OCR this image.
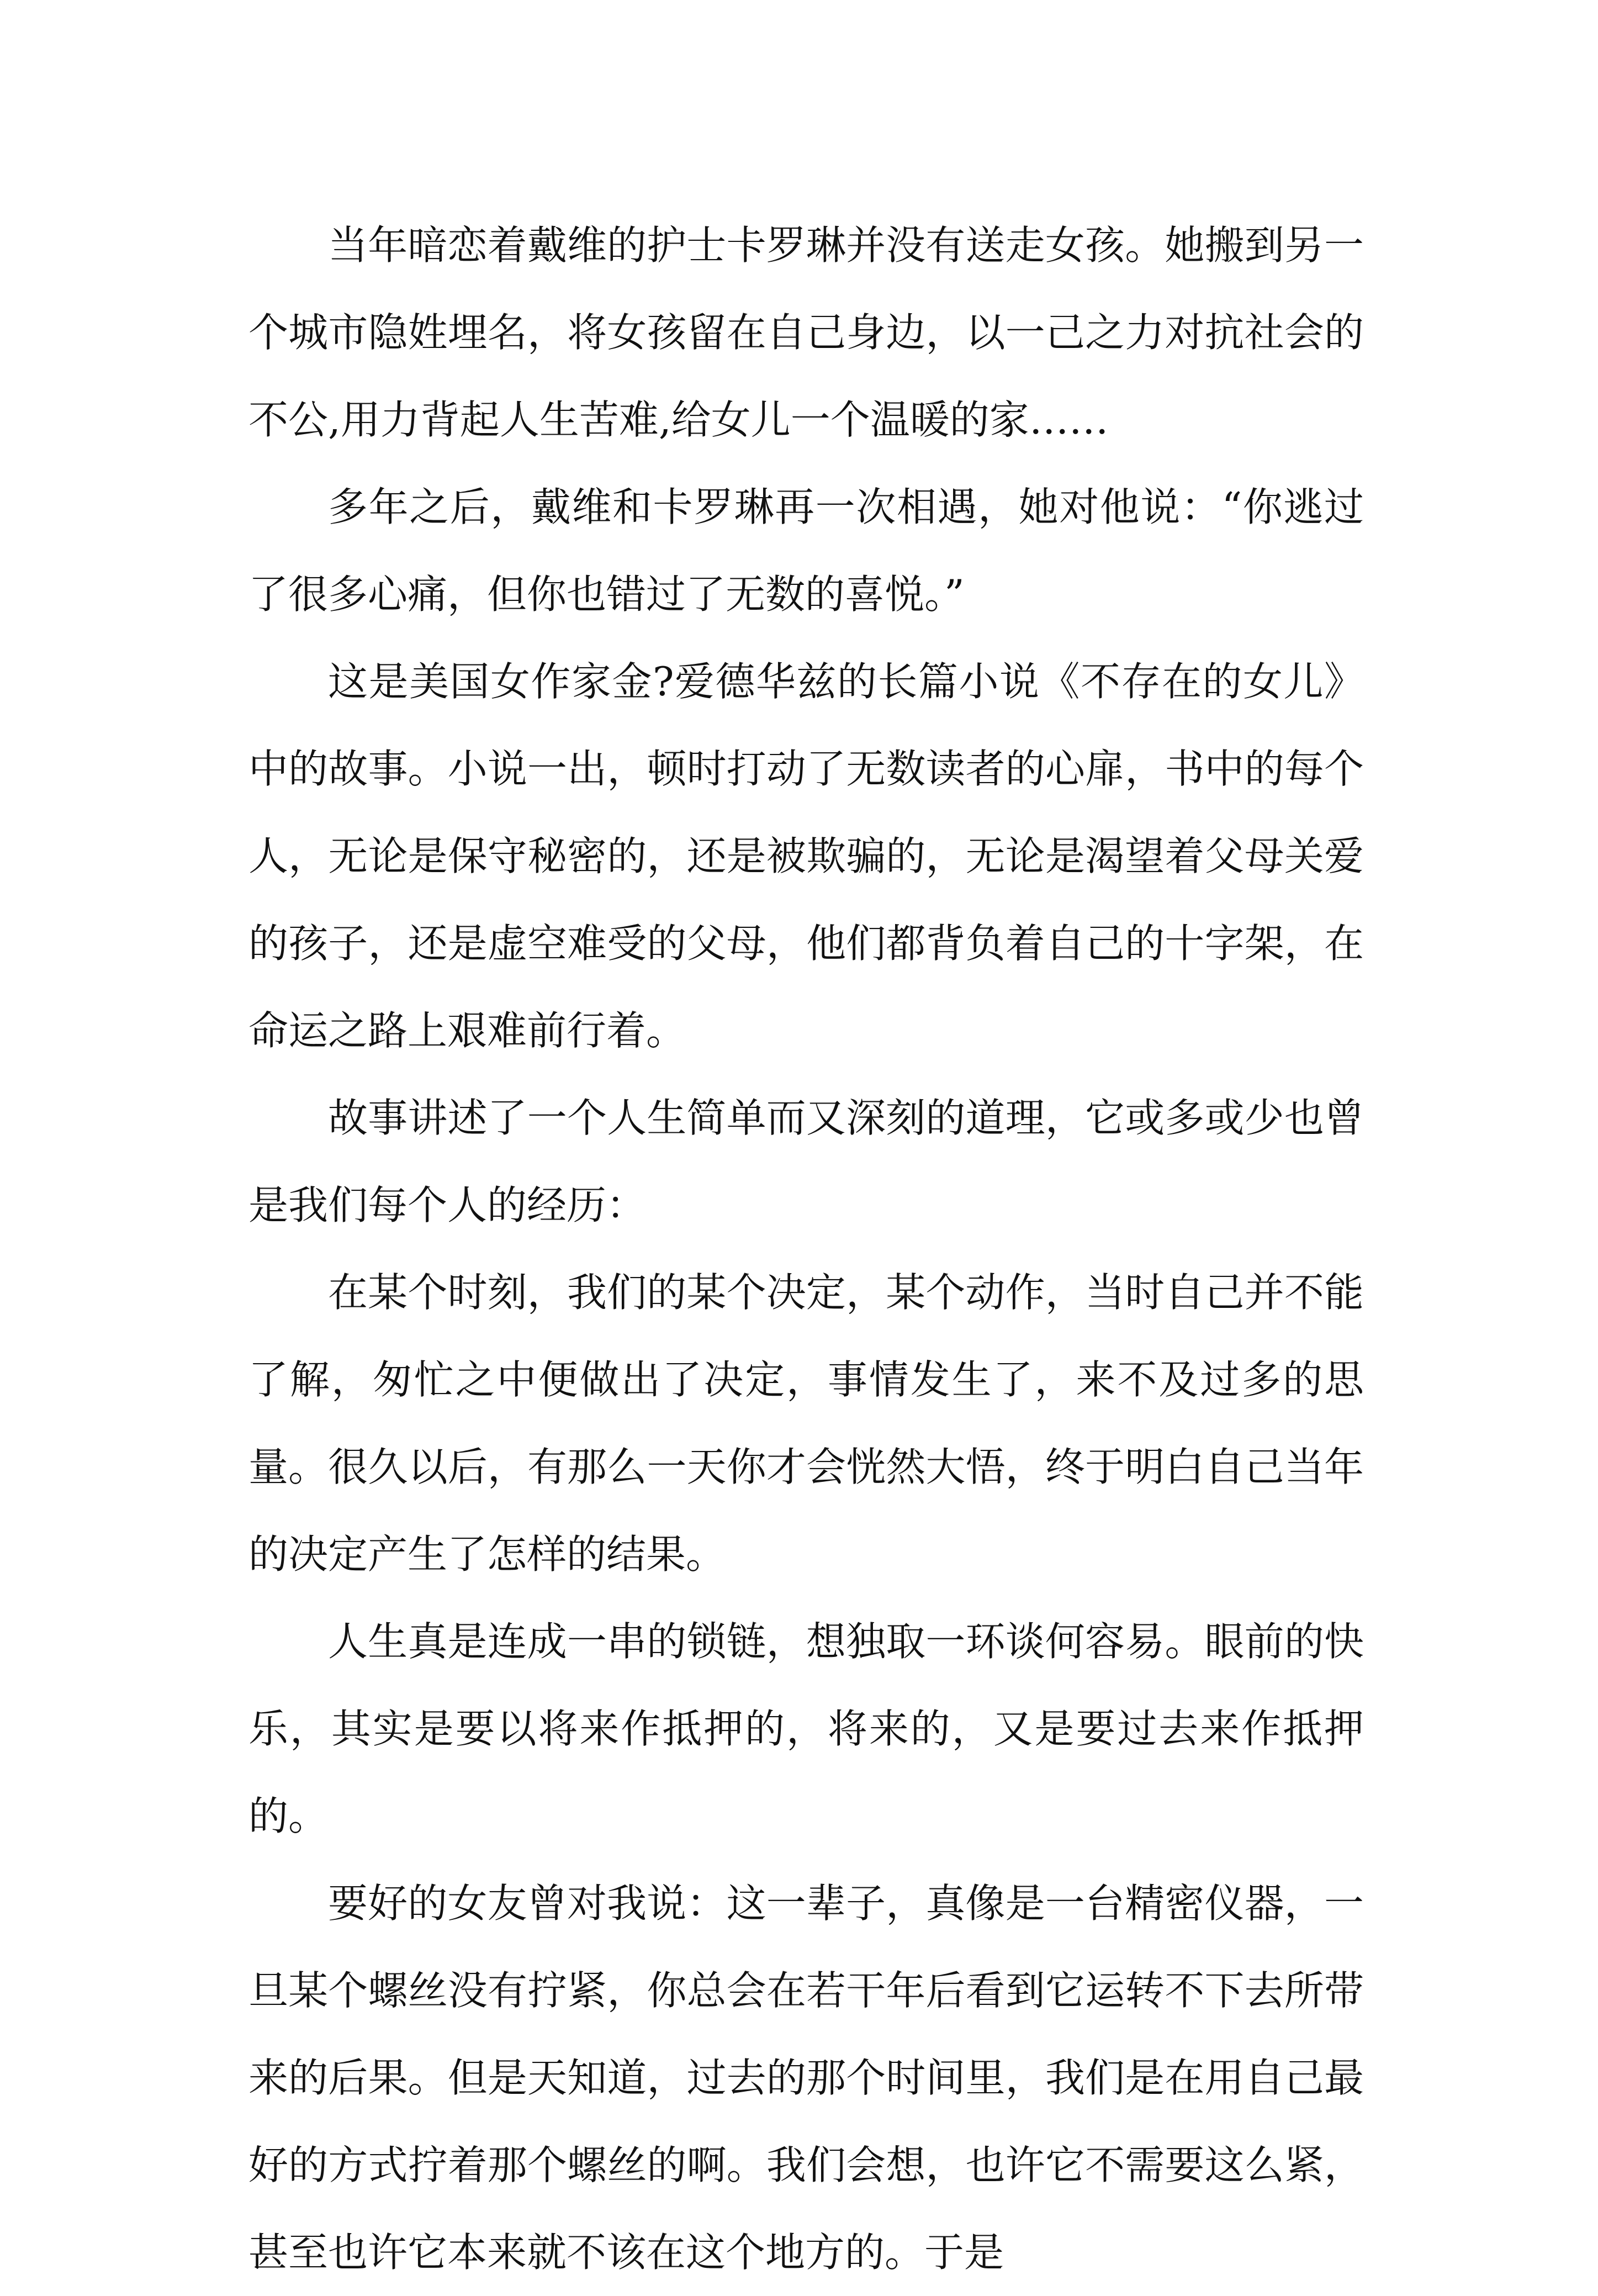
当年暗恋着戴维的护士卡罗琳并没有送走女孩。她搬到另一个城市隐姓埋名，将女孩留在自己身边，以一己之力对抗社会的不公,用力背起人生苦难,给女儿一个温暖的家……

多年之后，戴维和卡罗琳再一次相遇，她对他说：“你逃过了很多心痛，但你也错过了无数的喜悦。”

这是美国女作家金?爱德华兹的长篇小说《不存在的女儿》中的故事。小说一出，顿时打动了无数读者的心扉，书中的每个人，无论是保守秘密的，还是被欺骗的，无论是渴望着父母关爱的孩子，还是虚空难受的父母，他们都背负着自己的十字架，在命运之路上艰难前行着。

故事讲述了一个人生简单而又深刻的道理，它或多或少也曾是我们每个人的经历：

在某个时刻，我们的某个决定，某个动作，当时自己并不能了解，匆忙之中便做出了决定，事情发生了，来不及过多的思量。很久以后，有那么一天你才会恍然大悟，终于明白自己当年的决定产生了怎样的结果。

人生真是连成一串的锁链，想独取一环谈何容易。眼前的快乐，其实是要以将来作抵押的，将来的，又是要过去来作抵押的。

要好的女友曾对我说：这一辈子，真像是一台精密仪器，一旦某个螺丝没有拧紧，你总会在若干年后看到它运转不下去所带来的后果。但是天知道，过去的那个时间里，我们是在用自己最好的方式拧着那个螺丝的啊。我们会想，也许它不需要这么紧，甚至也许它本来就不该在这个地方的。于是
